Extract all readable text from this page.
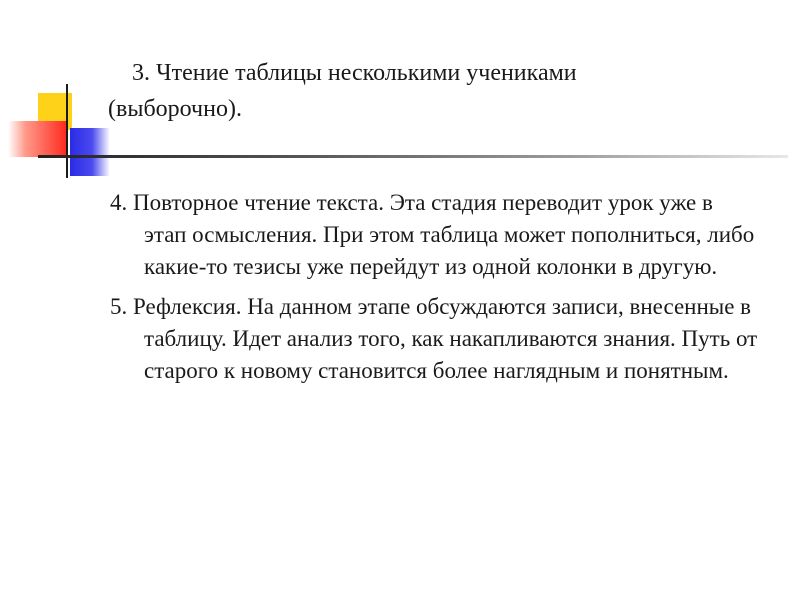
3. Чтение таблицы несколькими учениками
(выборочно).
4. Повторное чтение текста. Эта стадия переводит урок уже в этап осмысления. При этом таблица может пополниться, либо какие-то тезисы уже перейдут из одной колонки в другую.
5. Рефлексия. На данном этапе обсуждаются записи, внесенные в таблицу. Идет анализ того, как накапливаются знания. Путь от старого к новому становится более наглядным и понятным.
